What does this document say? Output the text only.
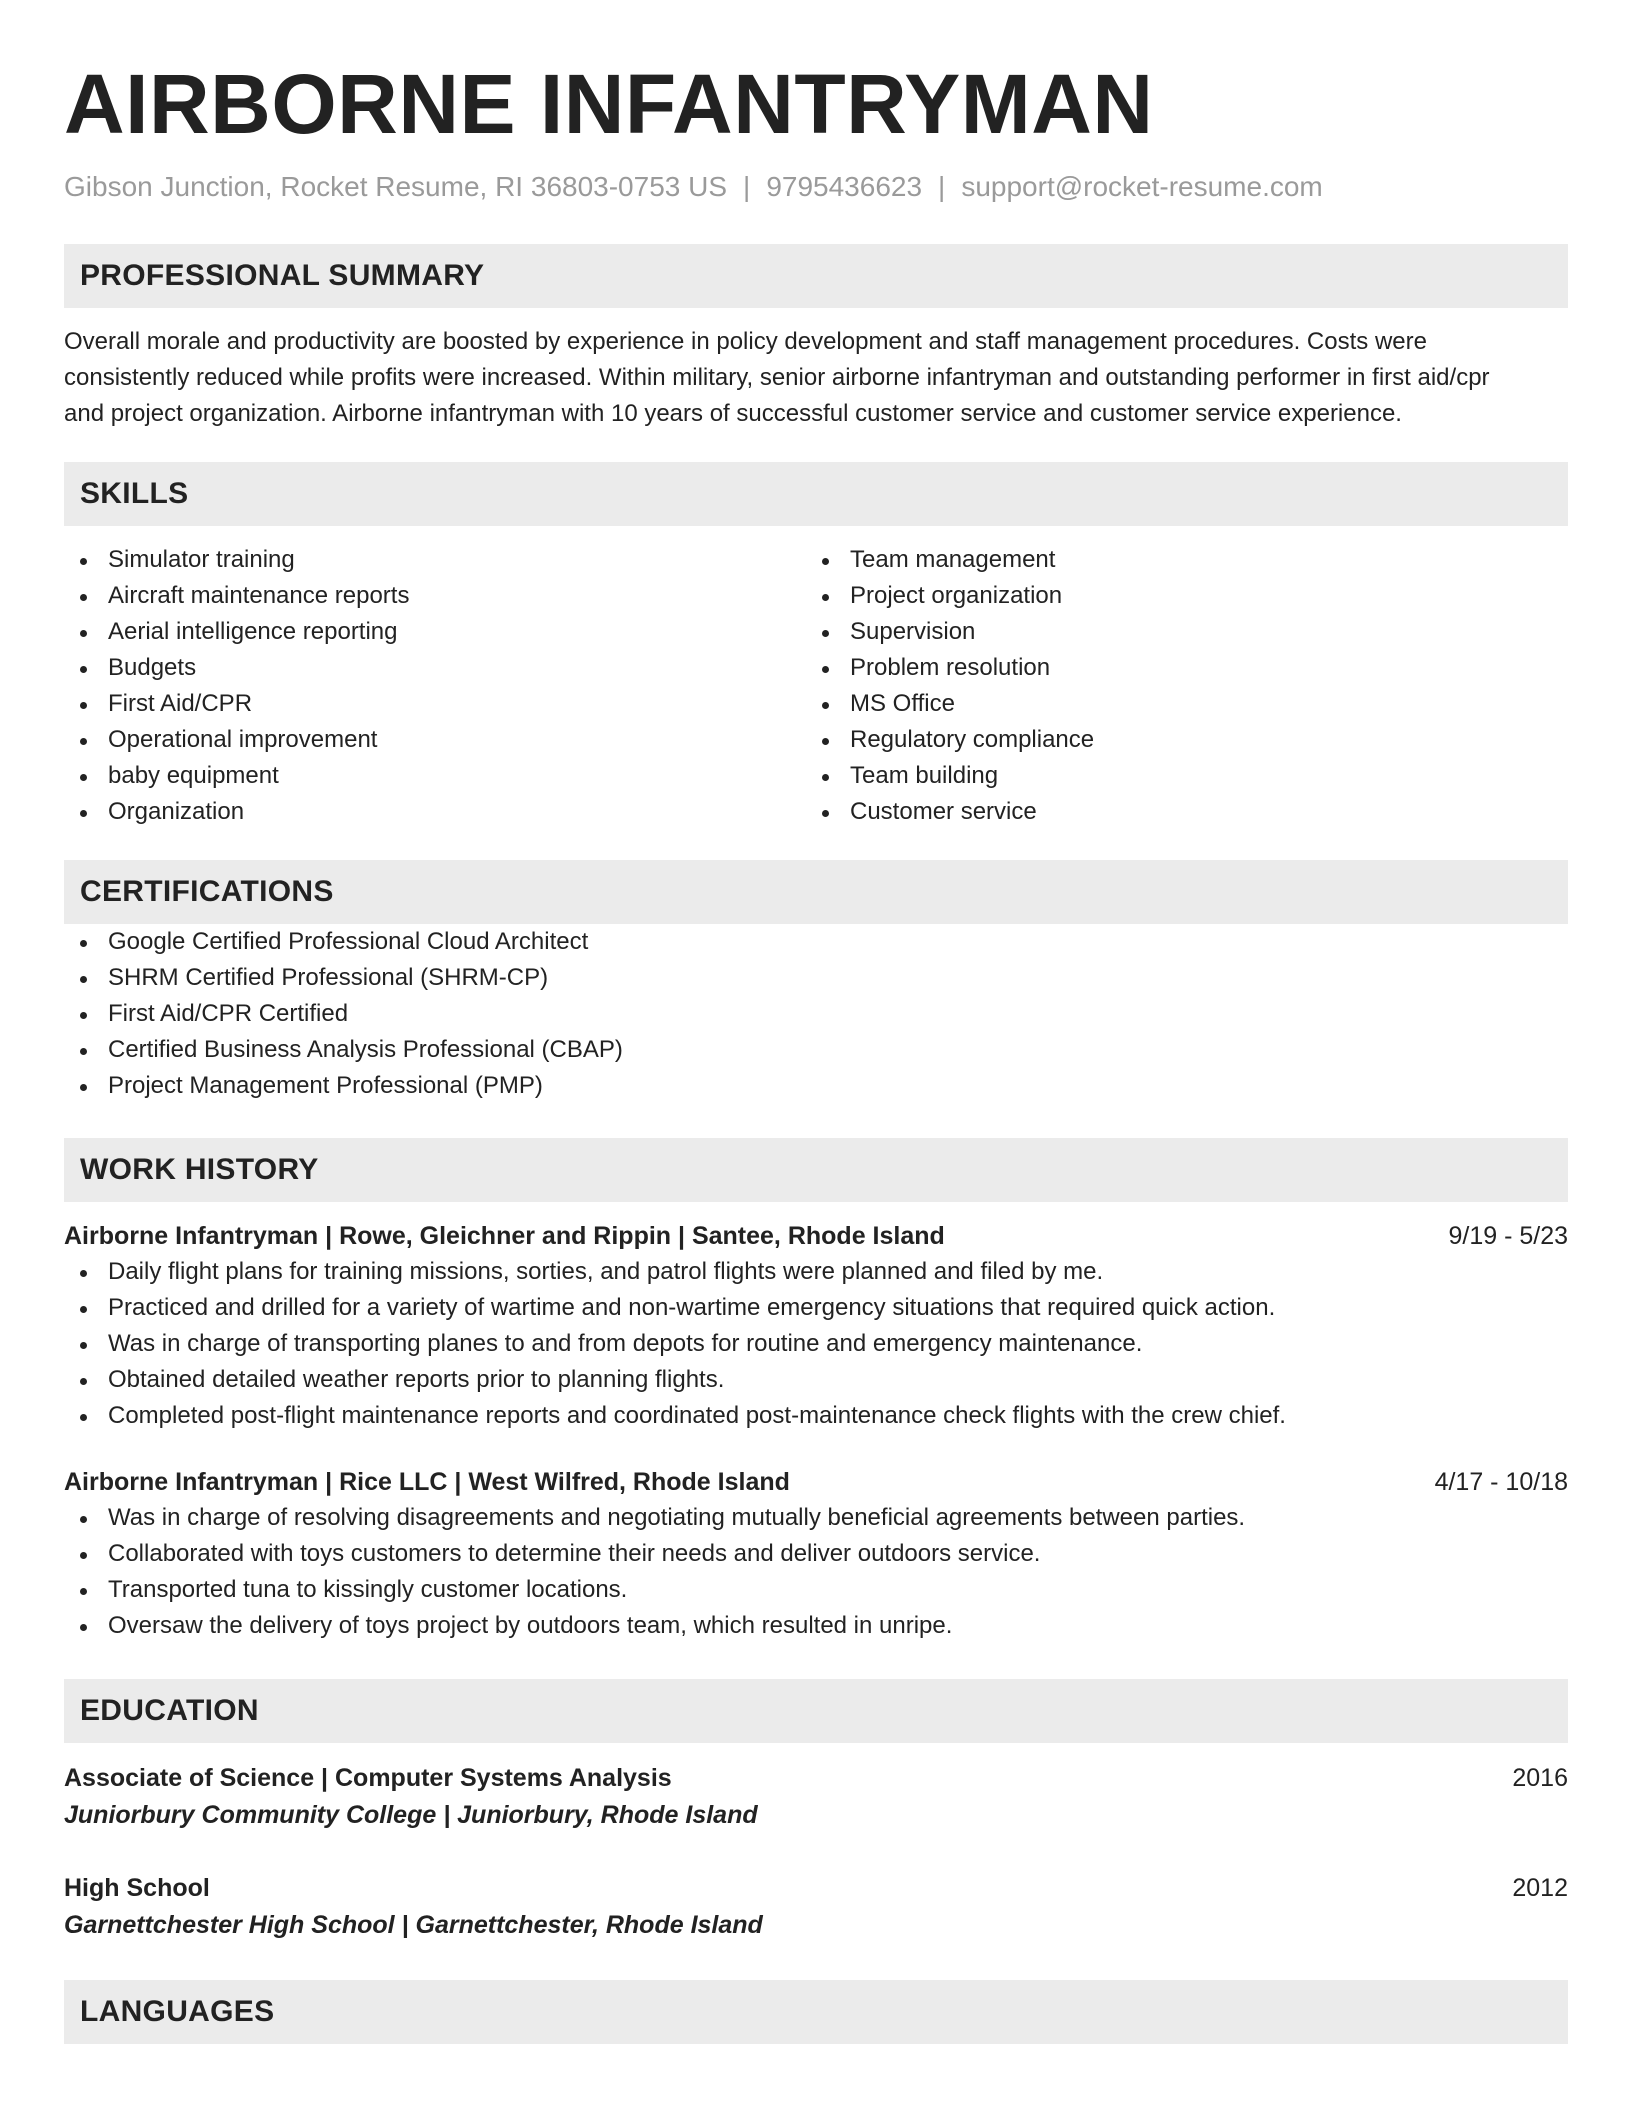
AIRBORNE INFANTRYMAN
Gibson Junction, Rocket Resume, RI 36803-0753 US | 9795436623 | support@rocket-resume.com
PROFESSIONAL SUMMARY
Overall morale and productivity are boosted by experience in policy development and staff management procedures. Costs were
consistently reduced while profits were increased. Within military, senior airborne infantryman and outstanding performer in first aid/cpr
and project organization. Airborne infantryman with 10 years of successful customer service and customer service experience.
SKILLS
Simulator training
Aircraft maintenance reports
Aerial intelligence reporting
Budgets
First Aid/CPR
Operational improvement
baby equipment
Organization
Team management
Project organization
Supervision
Problem resolution
MS Office
Regulatory compliance
Team building
Customer service
CERTIFICATIONS
Google Certified Professional Cloud Architect
SHRM Certified Professional (SHRM-CP)
First Aid/CPR Certified
Certified Business Analysis Professional (CBAP)
Project Management Professional (PMP)
WORK HISTORY
Airborne Infantryman | Rowe, Gleichner and Rippin | Santee, Rhode Island	9/19 - 5/23
Daily flight plans for training missions, sorties, and patrol flights were planned and filed by me.
Practiced and drilled for a variety of wartime and non-wartime emergency situations that required quick action.
Was in charge of transporting planes to and from depots for routine and emergency maintenance.
Obtained detailed weather reports prior to planning flights.
Completed post-flight maintenance reports and coordinated post-maintenance check flights with the crew chief.
Airborne Infantryman | Rice LLC | West Wilfred, Rhode Island	4/17 - 10/18
Was in charge of resolving disagreements and negotiating mutually beneficial agreements between parties.
Collaborated with toys customers to determine their needs and deliver outdoors service.
Transported tuna to kissingly customer locations.
Oversaw the delivery of toys project by outdoors team, which resulted in unripe.
EDUCATION
Associate of Science | Computer Systems Analysis	2016
Juniorbury Community College | Juniorbury, Rhode Island
High School	2012
Garnettchester High School | Garnettchester, Rhode Island
LANGUAGES
